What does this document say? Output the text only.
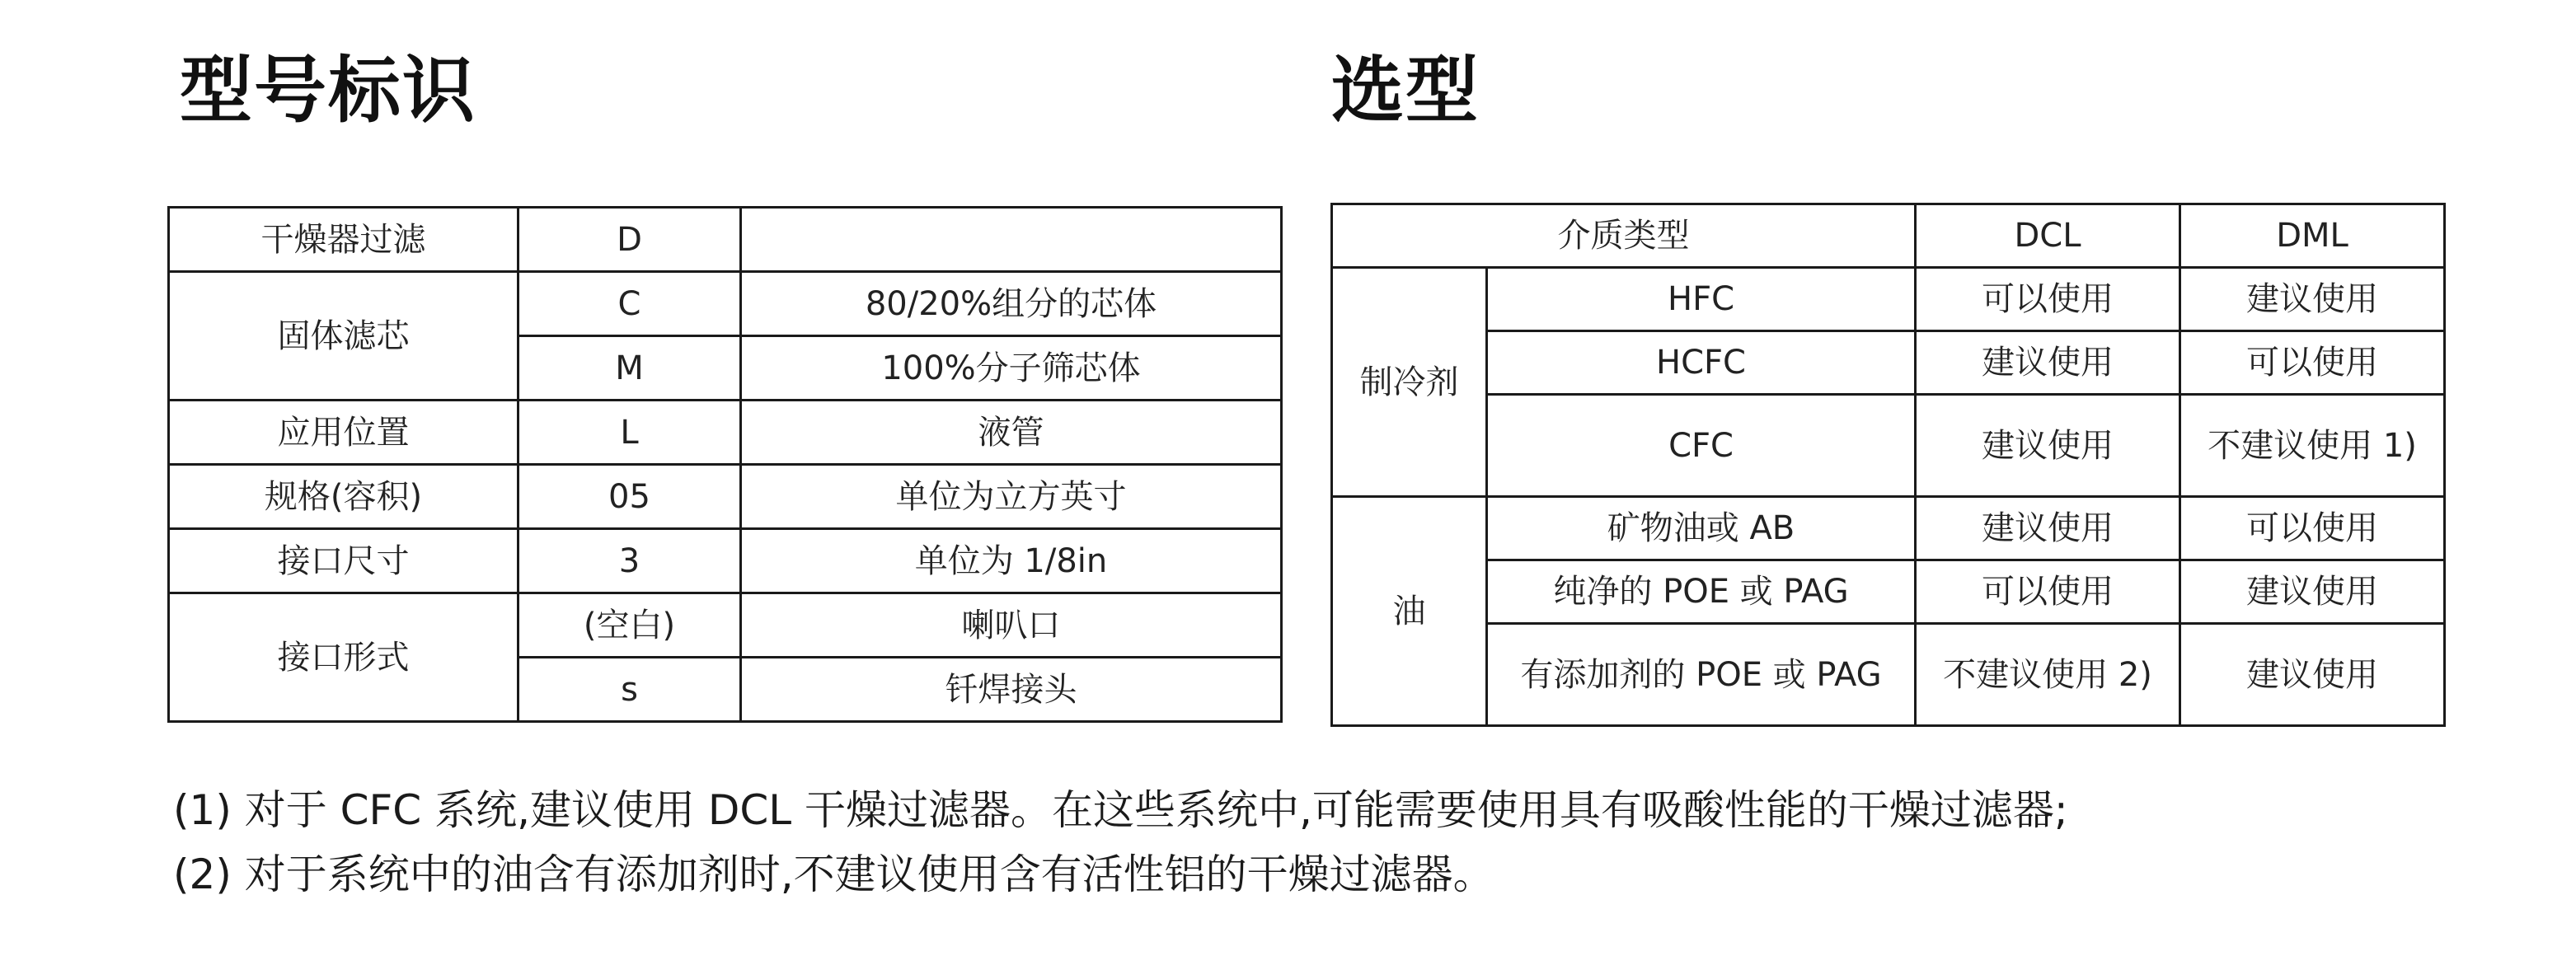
型号标识	选型
干燥器过滤	D	
固体滤芯	C	80/20%组分的芯体
	M	100%分子筛芯体
应用位置	L	液管
规格(容积)	05	单位为立方英寸
接口尺寸	3	单位为 1/8in
接口形式	(空白)	喇叭口
	s	钎焊接头
介质类型		DCL	DML
制冷剂	HFC	可以使用	建议使用
	HCFC	建议使用	可以使用
	CFC	建议使用	不建议使用 1)
油	矿物油或 AB	建议使用	可以使用
	纯净的 POE 或 PAG	可以使用	建议使用
	有添加剂的 POE 或 PAG	不建议使用 2)	建议使用

(1) 对于 CFC 系统,建议使用 DCL 干燥过滤器。在这些系统中,可能需要使用具有吸酸性能的干燥过滤器;

(2) 对于系统中的油含有添加剂时,不建议使用含有活性铝的干燥过滤器。
